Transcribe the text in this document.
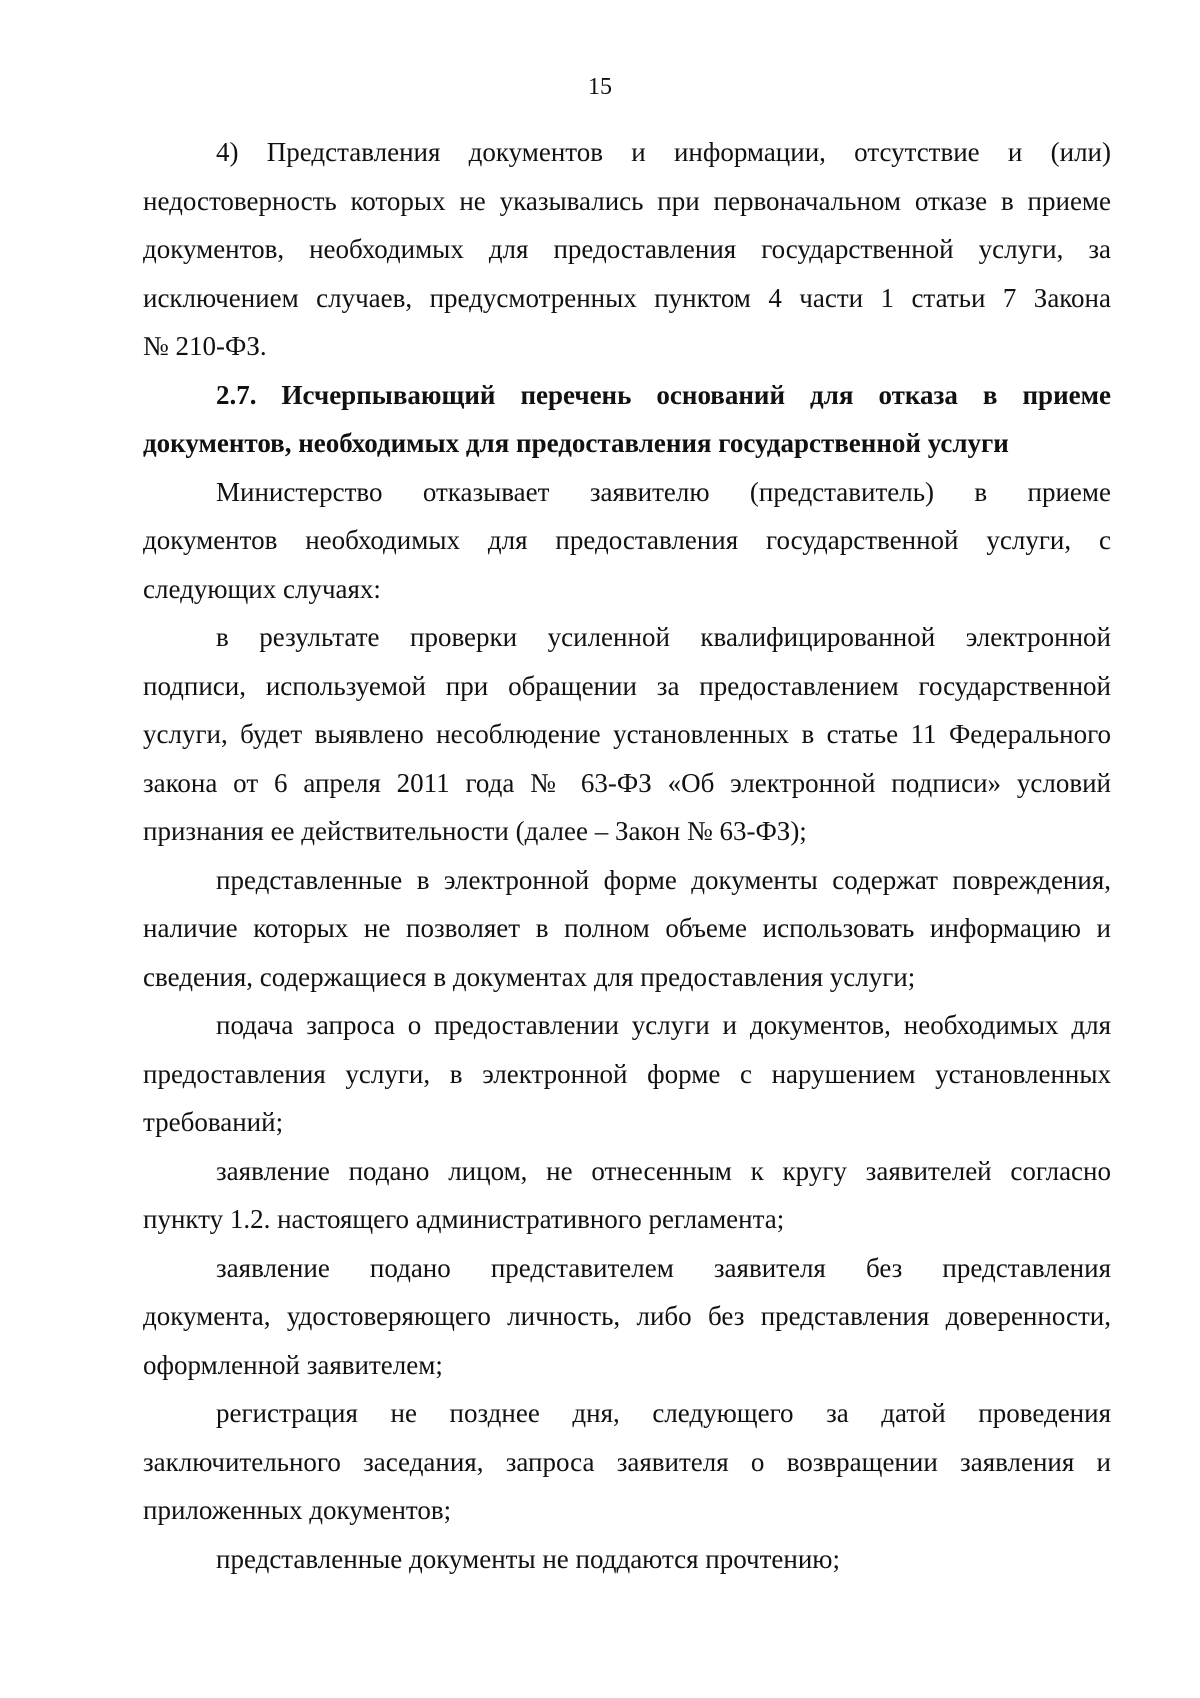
15
4) Представления документов и информации, отсутствие и (или)
недостоверность которых не указывались при первоначальном отказе в приеме
документов, необходимых для предоставления государственной услуги, за
исключением случаев, предусмотренных пунктом 4 части 1 статьи 7 Закона
№ 210-ФЗ.
2.7. Исчерпывающий перечень оснований для отказа в приеме
документов, необходимых для предоставления государственной услуги
Министерство отказывает заявителю (представитель) в приеме
документов необходимых для предоставления государственной услуги, с
следующих случаях:
в результате проверки усиленной квалифицированной электронной
подписи, используемой при обращении за предоставлением государственной
услуги, будет выявлено несоблюдение установленных в статье 11 Федерального
закона от 6 апреля 2011 года № 63-ФЗ «Об электронной подписи» условий
признания ее действительности (далее – Закон № 63-ФЗ);
представленные в электронной форме документы содержат повреждения,
наличие которых не позволяет в полном объеме использовать информацию и
сведения, содержащиеся в документах для предоставления услуги;
подача запроса о предоставлении услуги и документов, необходимых для
предоставления услуги, в электронной форме с нарушением установленных
требований;
заявление подано лицом, не отнесенным к кругу заявителей согласно
пункту 1.2. настоящего административного регламента;
заявление подано представителем заявителя без представления
документа, удостоверяющего личность, либо без представления доверенности,
оформленной заявителем;
регистрация не позднее дня, следующего за датой проведения
заключительного заседания, запроса заявителя о возвращении заявления и
приложенных документов;
представленные документы не поддаются прочтению;
